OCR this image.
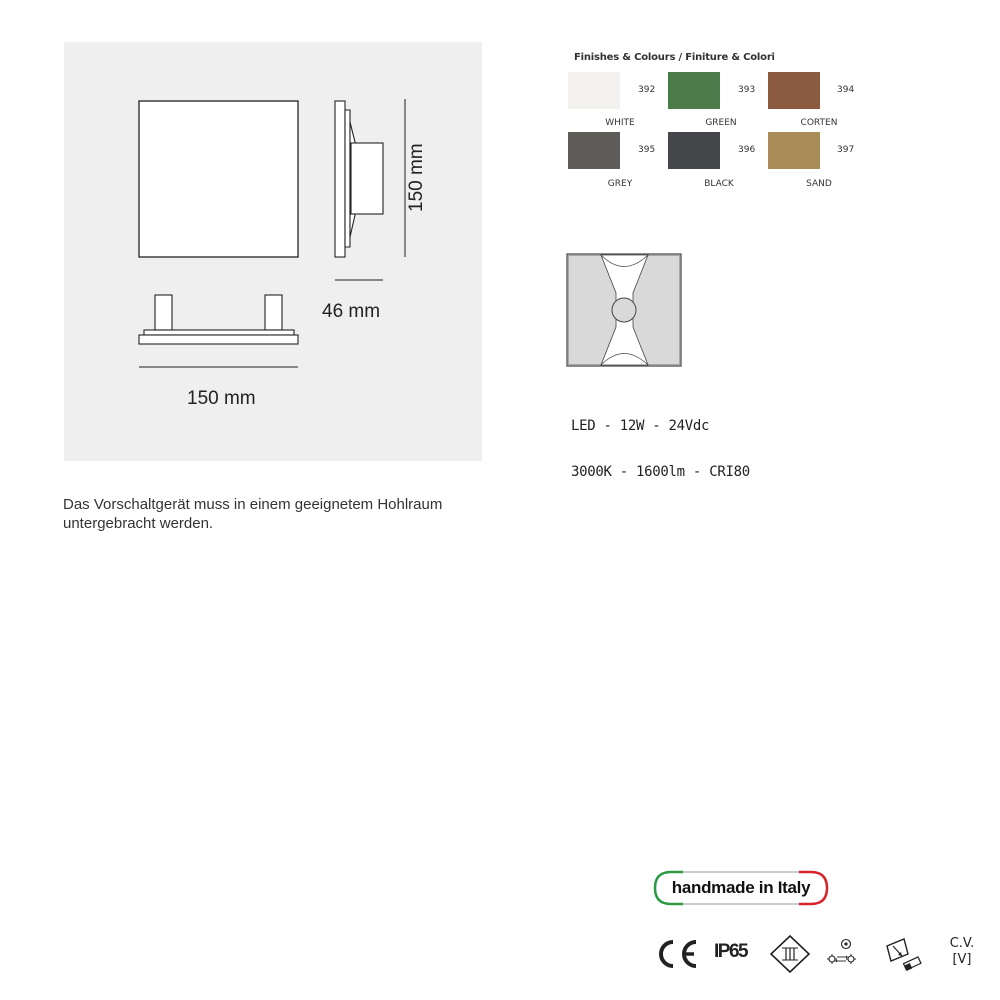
150 mm
46 mm
150 mm
Das Vorschaltgerät muss in einem geeignetem Hohlraum untergebracht werden.
Finishes & Colours / Finiture & Colori
392
WHITE
393
GREEN
394
CORTEN
395
GREY
396
BLACK
397
SAND
LED - 12W - 24Vdc
3000K - 1600lm - CRI80
handmade in Italy
IP65	C.V.
[V]
